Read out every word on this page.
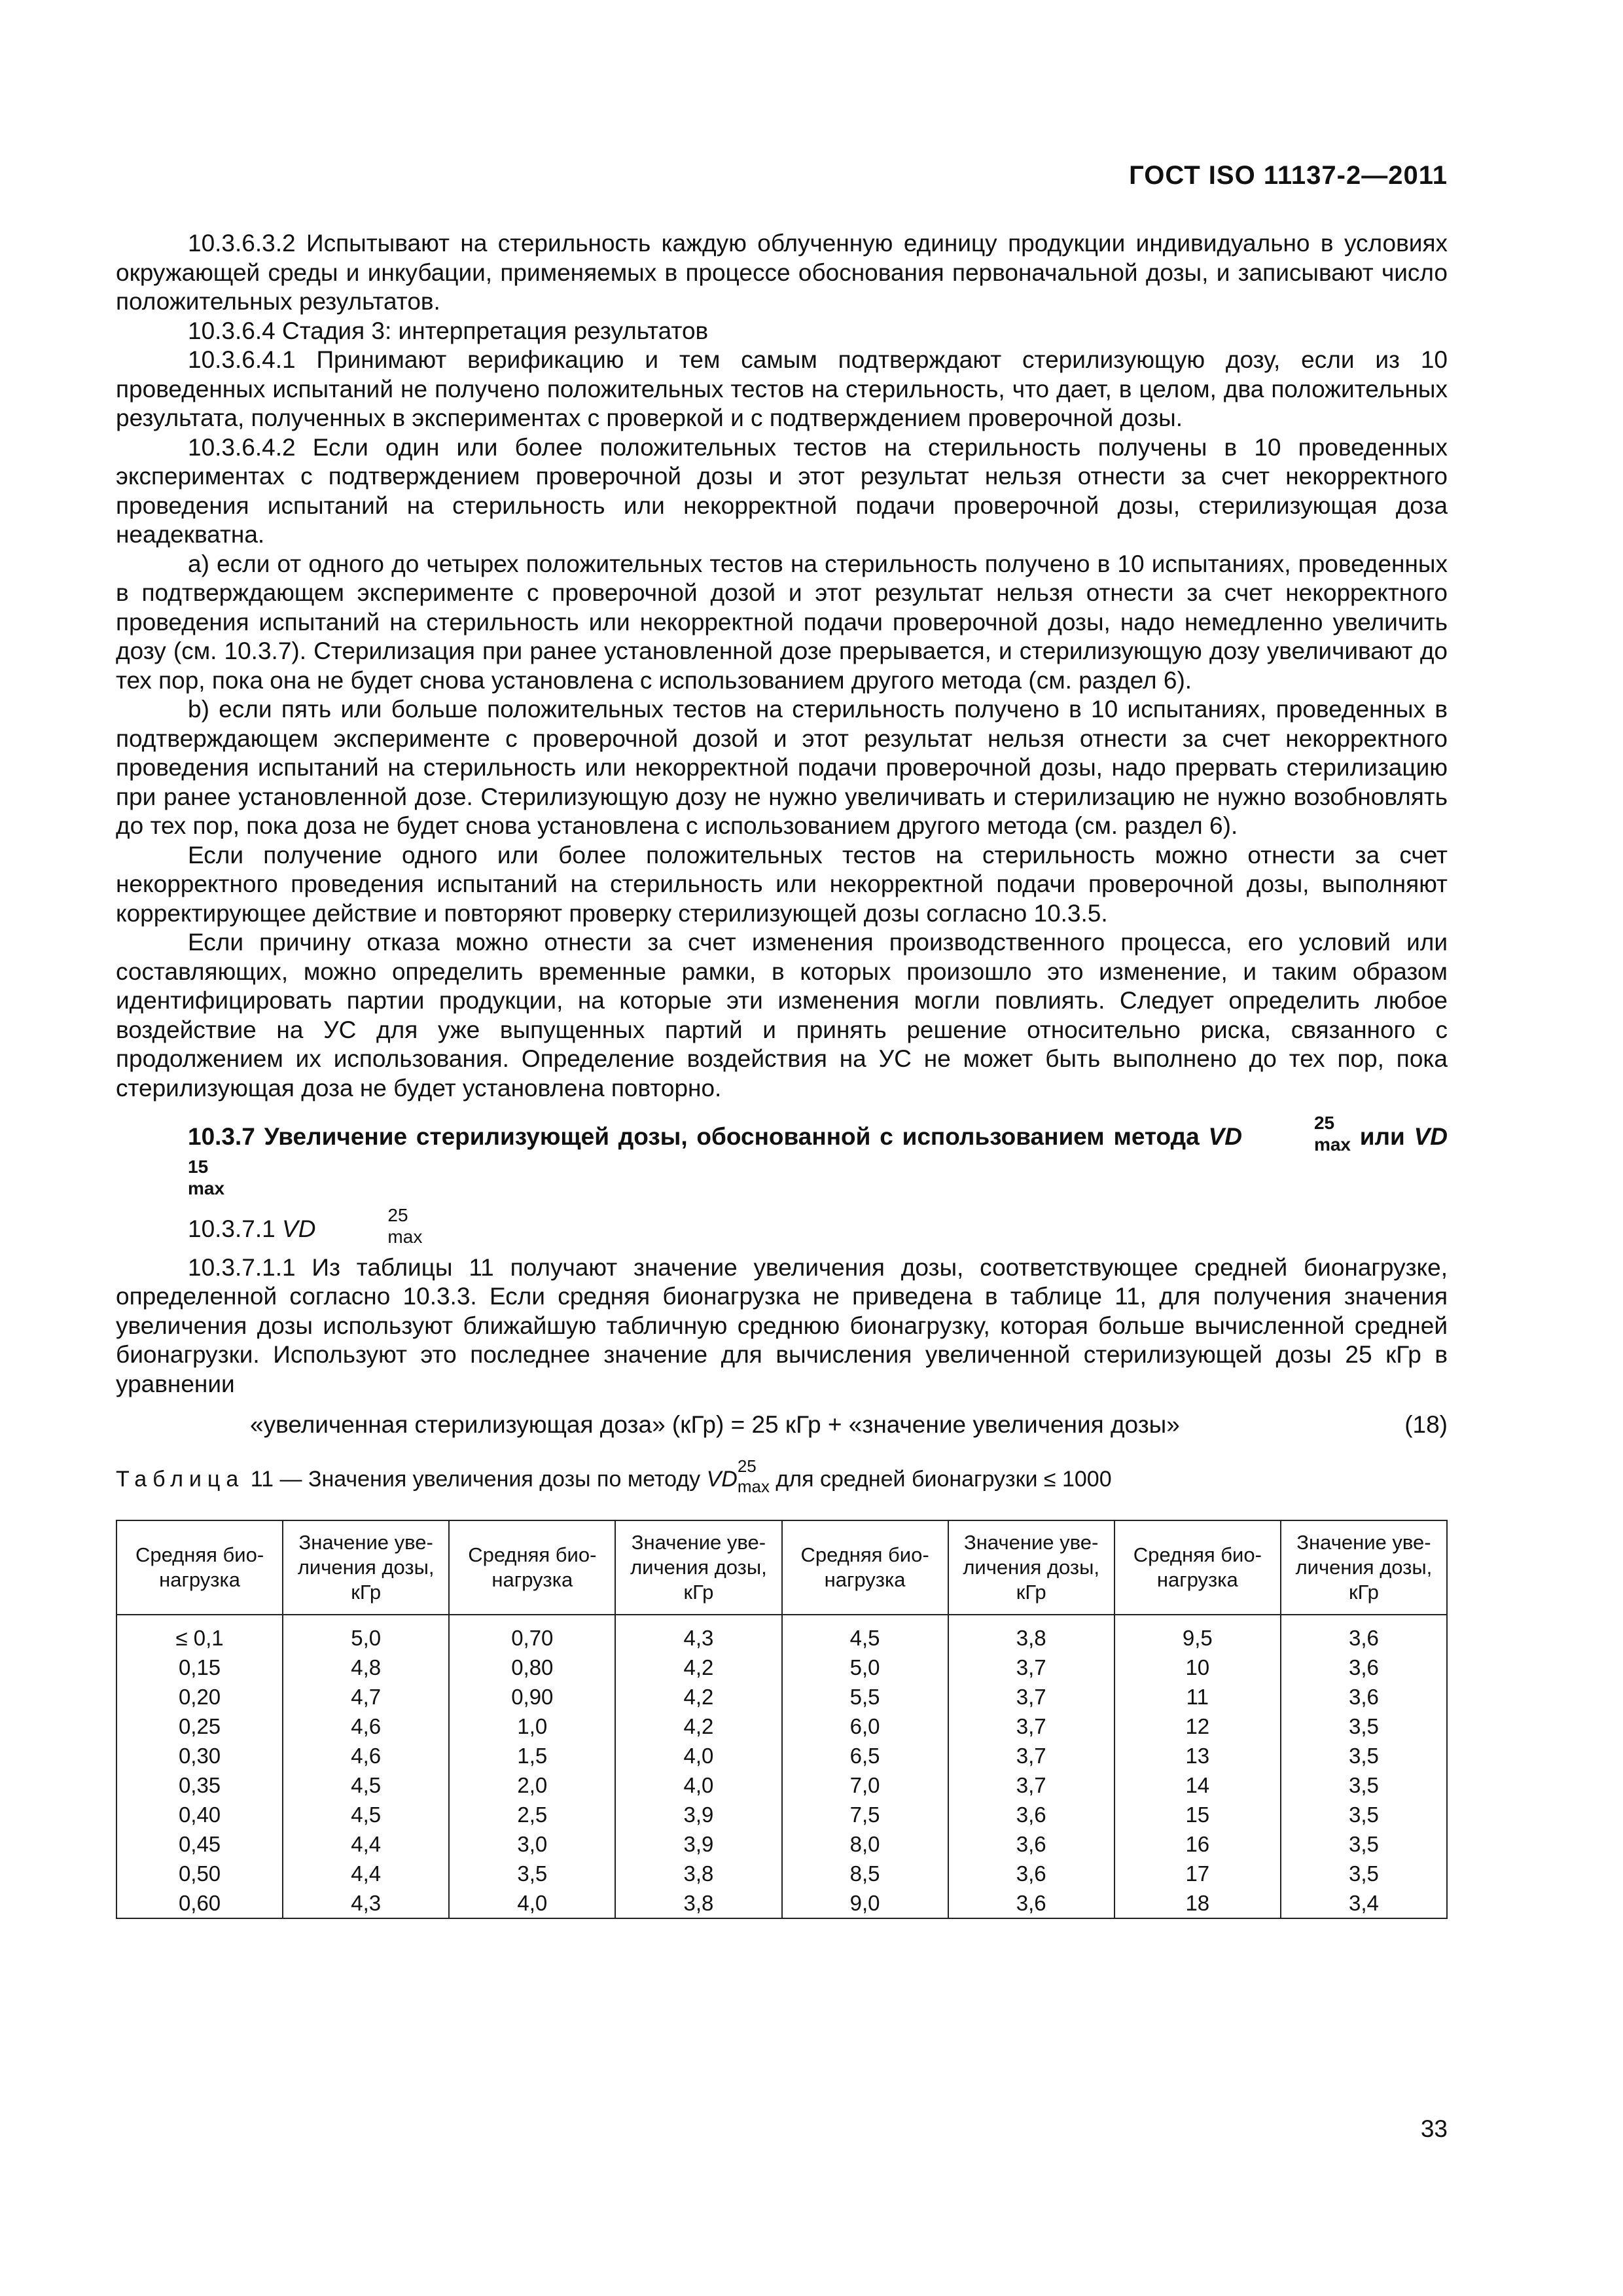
ГОСТ ISO 11137-2—2011

10.3.6.3.2 Испытывают на стерильность каждую облученную единицу продукции индивидуально в условиях окружающей среды и инкубации, применяемых в процессе обоснования первоначальной дозы, и записывают число положительных результатов.

10.3.6.4 Стадия 3: интерпретация результатов

10.3.6.4.1 Принимают верификацию и тем самым подтверждают стерилизующую дозу, если из 10 проведенных испытаний не получено положительных тестов на стерильность, что дает, в целом, два положительных результата, полученных в экспериментах с проверкой и с подтверждением проверочной дозы.

10.3.6.4.2 Если один или более положительных тестов на стерильность получены в 10 проведенных экспериментах с подтверждением проверочной дозы и этот результат нельзя отнести за счет некорректного проведения испытаний на стерильность или некорректной подачи проверочной дозы, стерилизующая доза неадекватна.

а) если от одного до четырех положительных тестов на стерильность получено в 10 испытаниях, проведенных в подтверждающем эксперименте с проверочной дозой и этот результат нельзя отнести за счет некорректного проведения испытаний на стерильность или некорректной подачи проверочной дозы, надо немедленно увеличить дозу (см. 10.3.7). Стерилизация при ранее установленной дозе прерывается, и стерилизующую дозу увеличивают до тех пор, пока она не будет снова установлена с использованием другого метода (см. раздел 6).

b) если пять или больше положительных тестов на стерильность получено в 10 испытаниях, проведенных в подтверждающем эксперименте с проверочной дозой и этот результат нельзя отнести за счет некорректного проведения испытаний на стерильность или некорректной подачи проверочной дозы, надо прервать стерилизацию при ранее установленной дозе. Стерилизующую дозу не нужно увеличивать и стерилизацию не нужно возобновлять до тех пор, пока доза не будет снова установлена с использованием другого метода (см. раздел 6).

Если получение одного или более положительных тестов на стерильность можно отнести за счет некорректного проведения испытаний на стерильность или некорректной подачи проверочной дозы, выполняют корректирующее действие и повторяют проверку стерилизующей дозы согласно 10.3.5.

Если причину отказа можно отнести за счет изменения производственного процесса, его условий или составляющих, можно определить временные рамки, в которых произошло это изменение, и таким образом идентифицировать партии продукции, на которые эти изменения могли повлиять. Следует определить любое воздействие на УС для уже выпущенных партий и принять решение относительно риска, связанного с продолжением их использования. Определение воздействия на УС не может быть выполнено до тех пор, пока стерилизующая доза не будет установлена повторно.

10.3.7 Увеличение стерилизующей дозы, обоснованной с использованием метода VD
25
max или VD
15
max

10.3.7.1 VD
25
max

10.3.7.1.1 Из таблицы 11 получают значение увеличения дозы, соответствующее средней бионагрузке, определенной согласно 10.3.3. Если средняя бионагрузка не приведена в таблице 11, для получения значения увеличения дозы используют ближайшую табличную среднюю бионагрузку, которая больше вычисленной средней бионагрузки. Используют это последнее значение для вычисления увеличенной стерилизующей дозы 25 кГр в уравнении

«увеличенная стерилизующая доза» (кГр) = 25 кГр + «значение увеличения дозы»	(18)
Таблица 11 — Значения увеличения дозы по методу VD
25
max для средней бионагрузки ≤ 1000
Средняя био-нагрузка	Значение уве-личения дозы, кГр	Средняя био-нагрузка	Значение уве-личения дозы, кГр	Средняя био-нагрузка	Значение уве-личения дозы, кГр	Средняя био-нагрузка	Значение уве-личения дозы, кГр
≤ 0,1	5,0	0,70	4,3	4,5	3,8	9,5	3,6
0,15	4,8	0,80	4,2	5,0	3,7	10	3,6
0,20	4,7	0,90	4,2	5,5	3,7	11	3,6
0,25	4,6	1,0	4,2	6,0	3,7	12	3,5
0,30	4,6	1,5	4,0	6,5	3,7	13	3,5
0,35	4,5	2,0	4,0	7,0	3,7	14	3,5
0,40	4,5	2,5	3,9	7,5	3,6	15	3,5
0,45	4,4	3,0	3,9	8,0	3,6	16	3,5
0,50	4,4	3,5	3,8	8,5	3,6	17	3,5
0,60	4,3	4,0	3,8	9,0	3,6	18	3,4
33
